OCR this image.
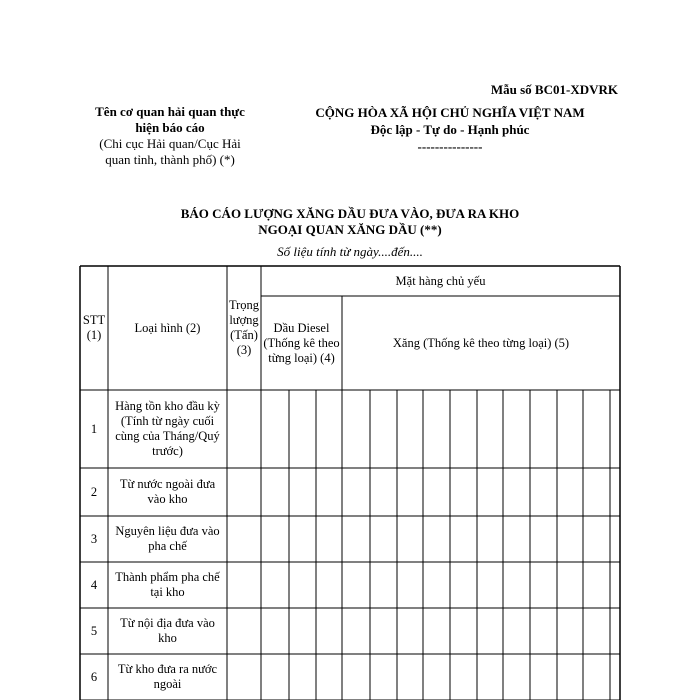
Mẫu số BC01-XDVRK
Tên cơ quan hải quan thực
hiện báo cáo
(Chi cục Hải quan/Cục Hải
quan tỉnh, thành phố) (*)
CỘNG HÒA XÃ HỘI CHỦ NGHĨA VIỆT NAM
Độc lập - Tự do - Hạnh phúc
---------------
BÁO CÁO LƯỢNG XĂNG DẦU ĐƯA VÀO, ĐƯA RA KHO
NGOẠI QUAN XĂNG DẦU (**)
Số liệu tính từ ngày....đến....
STT (1)
Loại hình (2)
Trọng lượng (Tấn) (3)
Mặt hàng chủ yếu
Dầu Diesel (Thống kê theo từng loại) (4)
Xăng (Thống kê theo từng loại) (5)
1
Hàng tồn kho đầu kỳ (Tính từ ngày cuối cùng của Tháng/Quý trước)
2
Từ nước ngoài đưa vào kho
3
Nguyên liệu đưa vào pha chế
4
Thành phẩm pha chế tại kho
5
Từ nội địa đưa vào kho
6
Từ kho đưa ra nước ngoài
